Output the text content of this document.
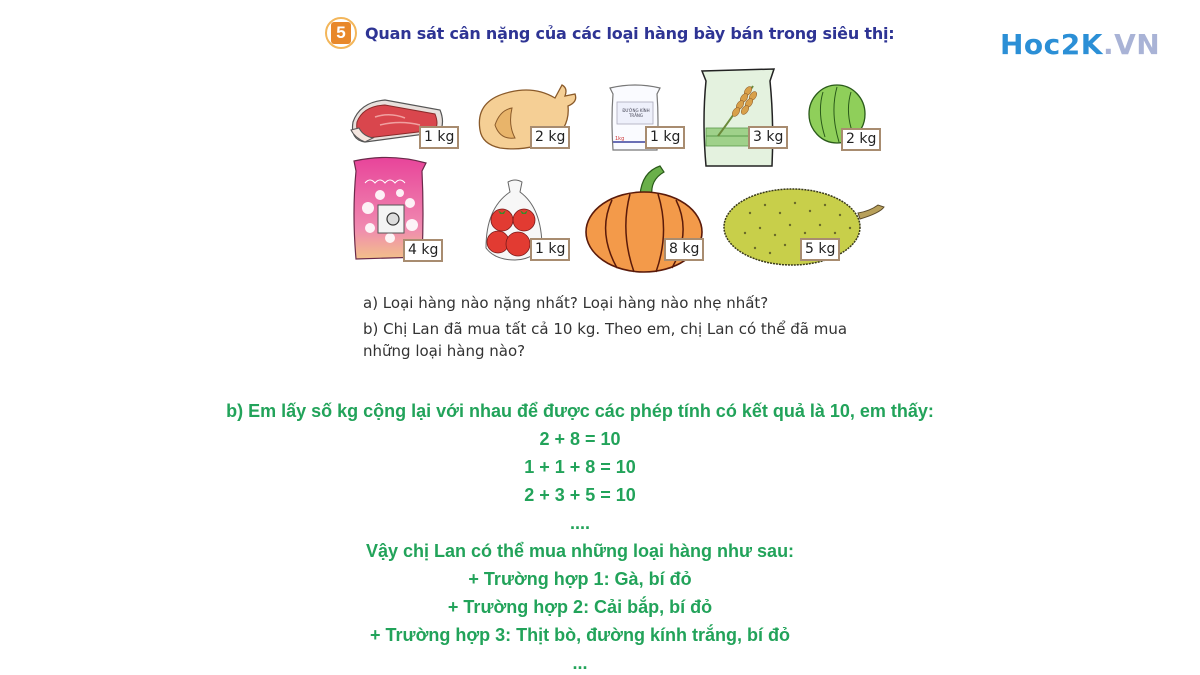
Hoc2K.VN
5	Quan sát cân nặng của các loại hàng bày bán trong siêu thị:
1 kg	2 kg
ĐƯỜNG KÍNH TRẮNG
1kg	1 kg	3 kg	2 kg
4 kg	1 kg	8 kg	5 kg

a) Loại hàng nào nặng nhất? Loại hàng nào nhẹ nhất?

b) Chị Lan đã mua tất cả 10 kg. Theo em, chị Lan có thể đã mua

những loại hàng nào?

b) Em lấy số kg cộng lại với nhau để được các phép tính có kết quả là 10, em thấy:
2 + 8 = 10
1 + 1 + 8 = 10
2 + 3 + 5 = 10
....
Vậy chị Lan có thể mua những loại hàng như sau:
+ Trường hợp 1: Gà, bí đỏ
+ Trường hợp 2: Cải bắp, bí đỏ
+ Trường hợp 3: Thịt bò, đường kính trắng, bí đỏ
...
